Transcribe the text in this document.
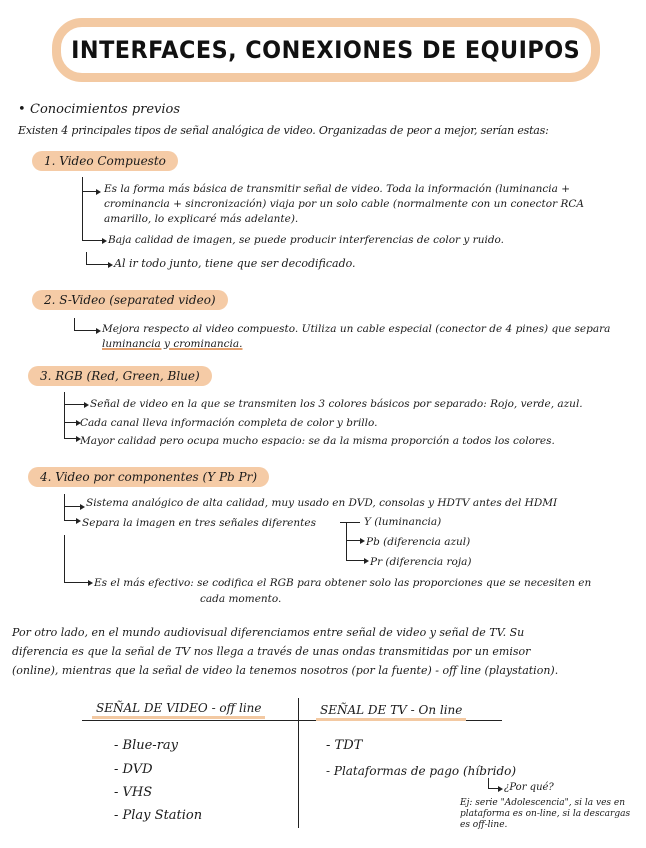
INTERFACES, CONEXIONES DE EQUIPOS
• Conocimientos previos
Existen 4 principales tipos de señal analógica de video. Organizadas de peor a mejor, serían estas:
1. Video Compuesto
Es la forma más básica de transmitir señal de video. Toda la información (luminancia +
crominancia + sincronización) viaja por un solo cable (normalmente con un conector RCA
amarillo, lo explicaré más adelante).
Baja calidad de imagen, se puede producir interferencias de color y ruido.
Al ir todo junto, tiene que ser decodificado.
2. S-Video (separated video)
Mejora respecto al video compuesto. Utiliza un cable especial (conector de 4 pines) que separa
luminancia y crominancia.
3. RGB (Red, Green, Blue)
Señal de video en la que se transmiten los 3 colores básicos por separado: Rojo, verde, azul.
Cada canal lleva información completa de color y brillo.
Mayor calidad pero ocupa mucho espacio: se da la misma proporción a todos los colores.
4. Video por componentes (Y Pb Pr)
Sistema analógico de alta calidad, muy usado en DVD, consolas y HDTV antes del HDMI
Separa la imagen en tres señales diferentes	Y (luminancia)
Pb (diferencia azul)
Pr (diferencia roja)
Es el más efectivo: se codifica el RGB para obtener solo las proporciones que se necesiten en
cada momento.
Por otro lado, en el mundo audiovisual diferenciamos entre señal de video y señal de TV. Su
diferencia es que la señal de TV nos llega a través de unas ondas transmitidas por un emisor
(online), mientras que la señal de video la tenemos nosotros (por la fuente) - off line (playstation).
SEÑAL DE VIDEO - off line	SEÑAL DE TV - On line
- Blue-ray
- DVD
- VHS
- Play Station
- TDT
- Plataformas de pago (híbrido)
¿Por qué?
Ej: serie "Adolescencia", si la ves en
plataforma es on-line, si la descargas
es off-line.
